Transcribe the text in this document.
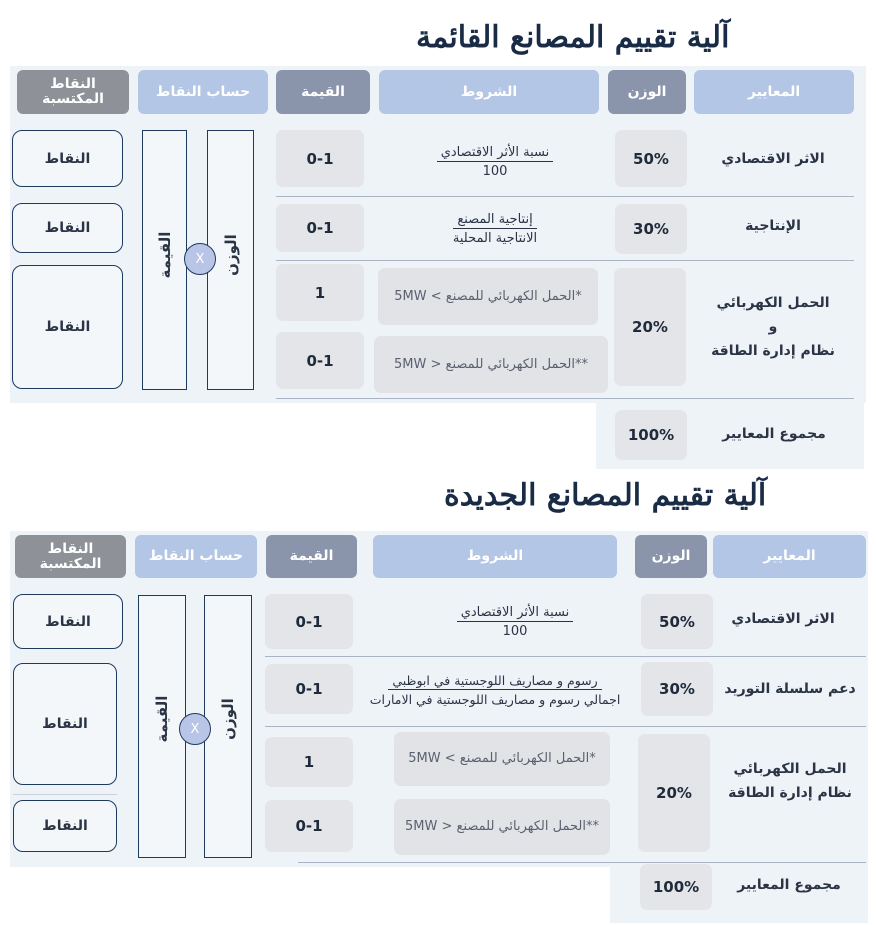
آلية تقييم المصانع القائمة
المعايير
الوزن
الشروط
القيمة
حساب النقاط
النقاط المكتسبة
الاثر الاقتصادي
50%
نسبة الأثر الاقتصادي
100
0-1
النقاط
الإنتاجية
30%
إنتاجية المصنع
الانتاجية المحلية
0-1
النقاط
الحمل الكهربائي
و
نظام إدارة الطاقة
20%
*الحمل الكهربائي للمصنع > 5MW
**الحمل الكهربائي للمصنع < 5MW
1
0-1
النقاط
القيمة	الوزن
X
مجموع المعايير
100%
آلية تقييم المصانع الجديدة
المعايير
الوزن
الشروط
القيمة
حساب النقاط
النقاط المكتسبة
الاثر الاقتصادي
50%
نسبة الأثر الاقتصادي
100
0-1
النقاط
دعم سلسلة التوريد
30%
رسوم و مصاريف اللوجستية في ابوظبي
اجمالي رسوم و مصاريف اللوجستية في الامارات
0-1
النقاط
الحمل الكهربائي
نظام إدارة الطاقة
20%
*الحمل الكهربائي للمصنع > 5MW
**الحمل الكهربائي للمصنع < 5MW
1
0-1
النقاط
القيمة	الوزن
X
مجموع المعايير
100%
